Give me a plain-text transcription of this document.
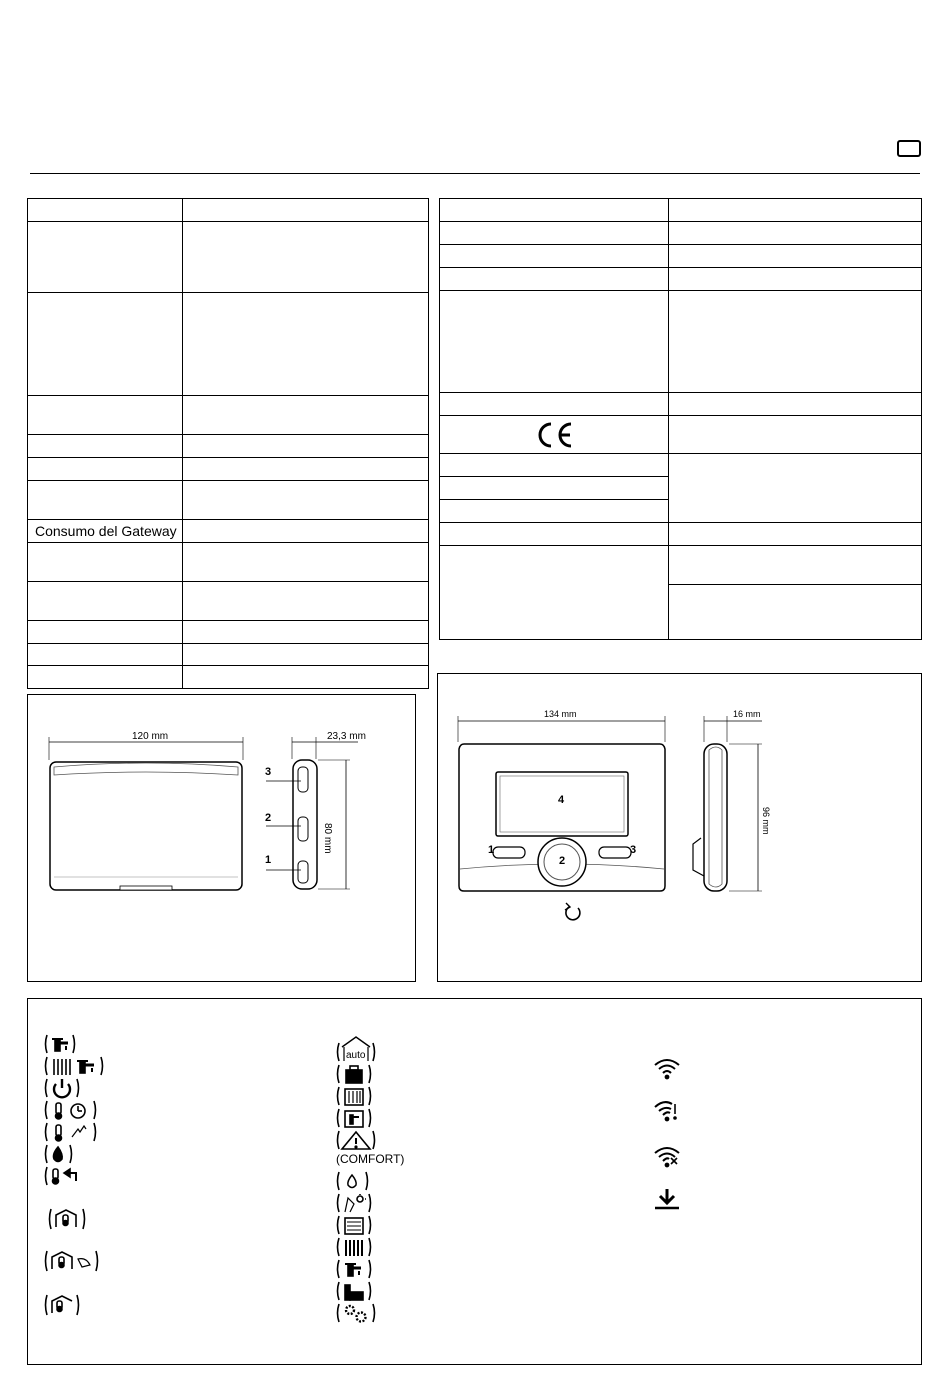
Consumo del Gateway	

120 mm	23,3 mm
80 mm
3
2
1
134 mm	16 mm
96 mm
4
1
2
3
auto
(COMFORT)
